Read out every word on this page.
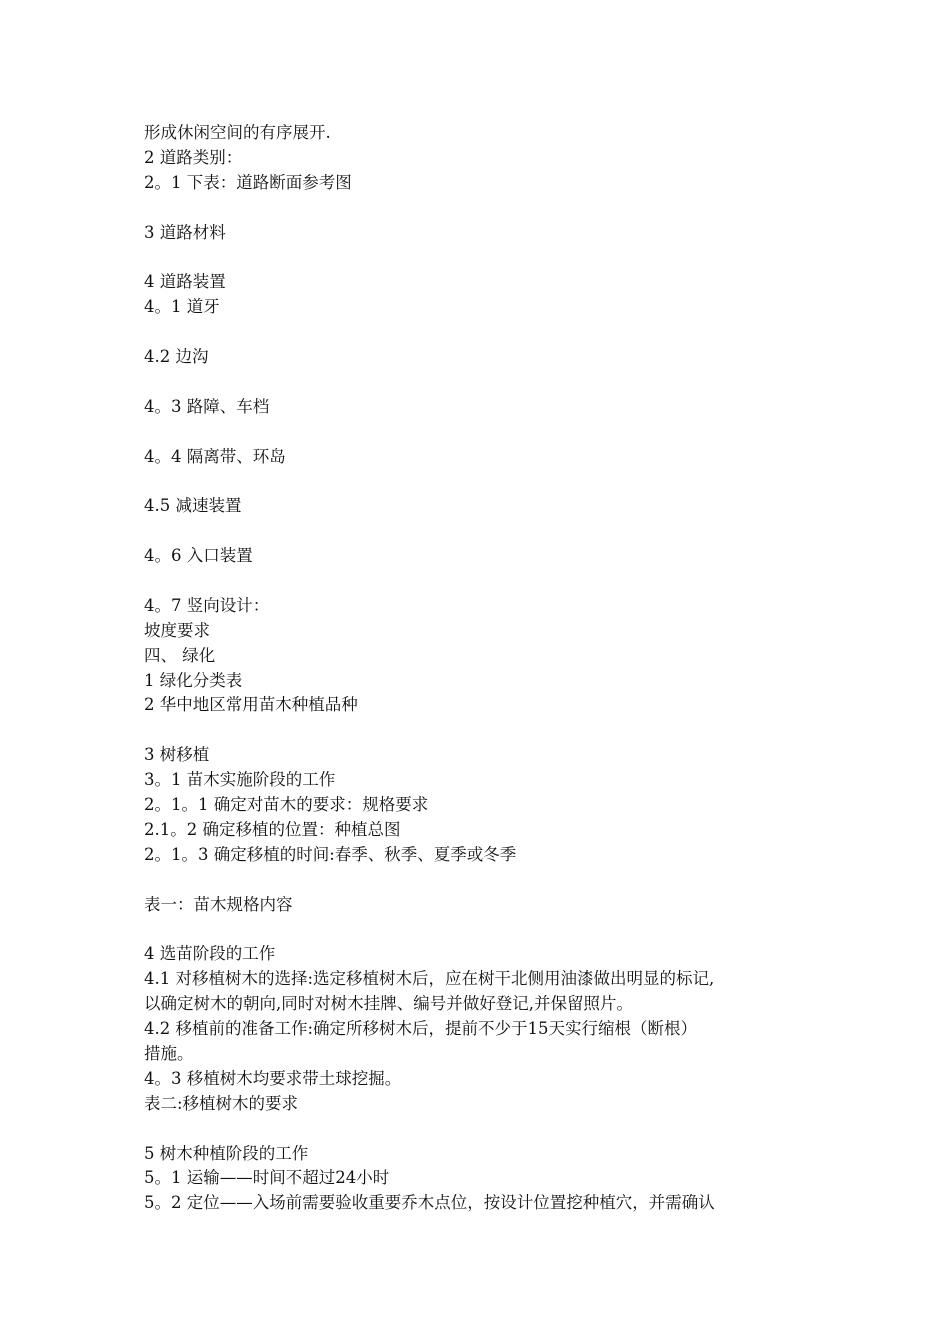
形成休闲空间的有序展开.
2 道路类别：
2。1 下表：道路断面参考图
3 道路材料
4 道路装置
4。1 道牙
4.2 边沟
4。3 路障、车档
4。4 隔离带、环岛
4.5 减速装置
4。6 入口装置
4。7 竖向设计：
坡度要求
四、 绿化
1 绿化分类表
2 华中地区常用苗木种植品种
3 树移植
3。1 苗木实施阶段的工作
2。1。1 确定对苗木的要求：规格要求
2.1。2 确定移植的位置：种植总图
2。1。3 确定移植的时间:春季、秋季、夏季或冬季
表一：苗木规格内容
4 选苗阶段的工作
4.1 对移植树木的选择:选定移植树木后，应在树干北侧用油漆做出明显的标记,
以确定树木的朝向,同时对树木挂牌、编号并做好登记,并保留照片。
4.2 移植前的准备工作:确定所移树木后，提前不少于15天实行缩根（断根）
措施。
4。3 移植树木均要求带土球挖掘。
表二:移植树木的要求
5 树木种植阶段的工作
5。1 运输——时间不超过24小时
5。2 定位——入场前需要验收重要乔木点位，按设计位置挖种植穴，并需确认
